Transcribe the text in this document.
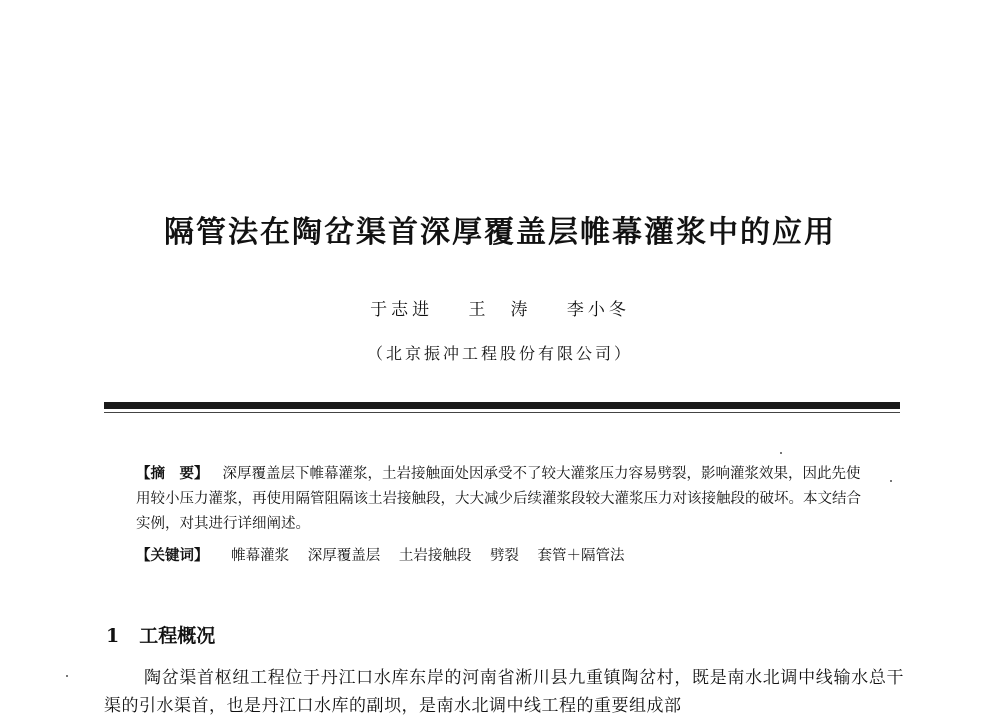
隔管法在陶岔渠首深厚覆盖层帷幕灌浆中的应用
于志进 王　涛 李小冬
（北京振冲工程股份有限公司）
【摘　要】 深厚覆盖层下帷幕灌浆，土岩接触面处因承受不了较大灌浆压力容易劈裂，影响灌浆效果，因此先使用较小压力灌浆，再使用隔管阻隔该土岩接触段，大大减少后续灌浆段较大灌浆压力对该接触段的破坏。本文结合实例，对其进行详细阐述。
【关键词】 帷幕灌浆 深厚覆盖层 土岩接触段 劈裂 套管＋隔管法
1 工程概况
陶岔渠首枢纽工程位于丹江口水库东岸的河南省淅川县九重镇陶岔村，既是南水北调中线输水总干渠的引水渠首，也是丹江口水库的副坝，是南水北调中线工程的重要组成部
